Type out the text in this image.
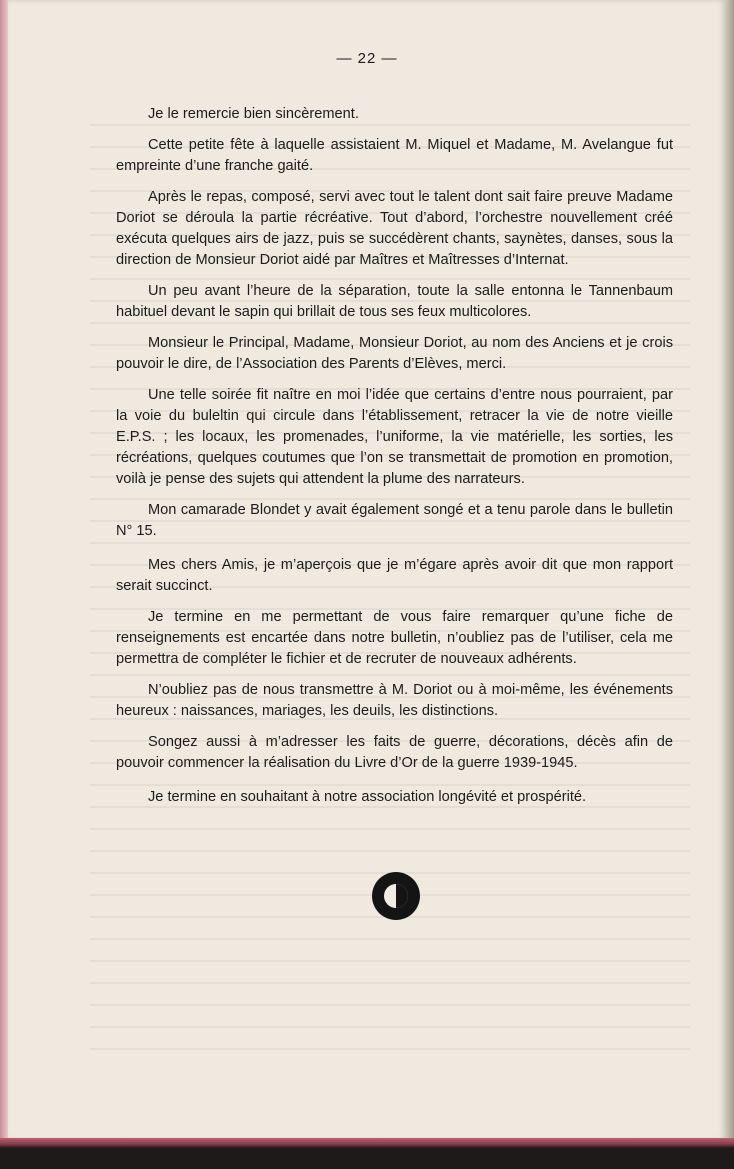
— 22 —

Je le remercie bien sincèrement.

Cette petite fête à laquelle assistaient M. Miquel et Madame, M. Avelangue fut empreinte d’une franche gaité.

Après le repas, composé, servi avec tout le talent dont sait faire preuve Madame Doriot se déroula la partie récréative. Tout d’abord, l’orchestre nouvellement créé exécuta quelques airs de jazz, puis se succédèrent chants, saynètes, danses, sous la direction de Monsieur Doriot aidé par Maîtres et Maîtresses d’Internat.

Un peu avant l’heure de la séparation, toute la salle entonna le Tannenbaum habituel devant le sapin qui brillait de tous ses feux multicolores.

Monsieur le Principal, Madame, Monsieur Doriot, au nom des Anciens et je crois pouvoir le dire, de l’Association des Parents d’Elèves, merci.

Une telle soirée fit naître en moi l’idée que certains d’entre nous pourraient, par la voie du buleltin qui circule dans l’établissement, retracer la vie de notre vieille E.P.S. ; les locaux, les promenades, l’uniforme, la vie matérielle, les sorties, les récréations, quelques coutumes que l’on se transmettait de promotion en promotion, voilà je pense des sujets qui attendent la plume des narrateurs.

Mon camarade Blondet y avait également songé et a tenu parole dans le bulletin N° 15.

Mes chers Amis, je m’aperçois que je m’égare après avoir dit que mon rapport serait succinct.

Je termine en me permettant de vous faire remarquer qu’une fiche de renseignements est encartée dans notre bulletin, n’oubliez pas de l’utiliser, cela me permettra de compléter le fichier et de recruter de nouveaux adhérents.

N’oubliez pas de nous transmettre à M. Doriot ou à moi-même, les événements heureux : naissances, mariages, les deuils, les distinctions.

Songez aussi à m’adresser les faits de guerre, décorations, décès afin de pouvoir commencer la réalisation du Livre d’Or de la guerre 1939-1945.

Je termine en souhaitant à notre association longévité et prospérité.
